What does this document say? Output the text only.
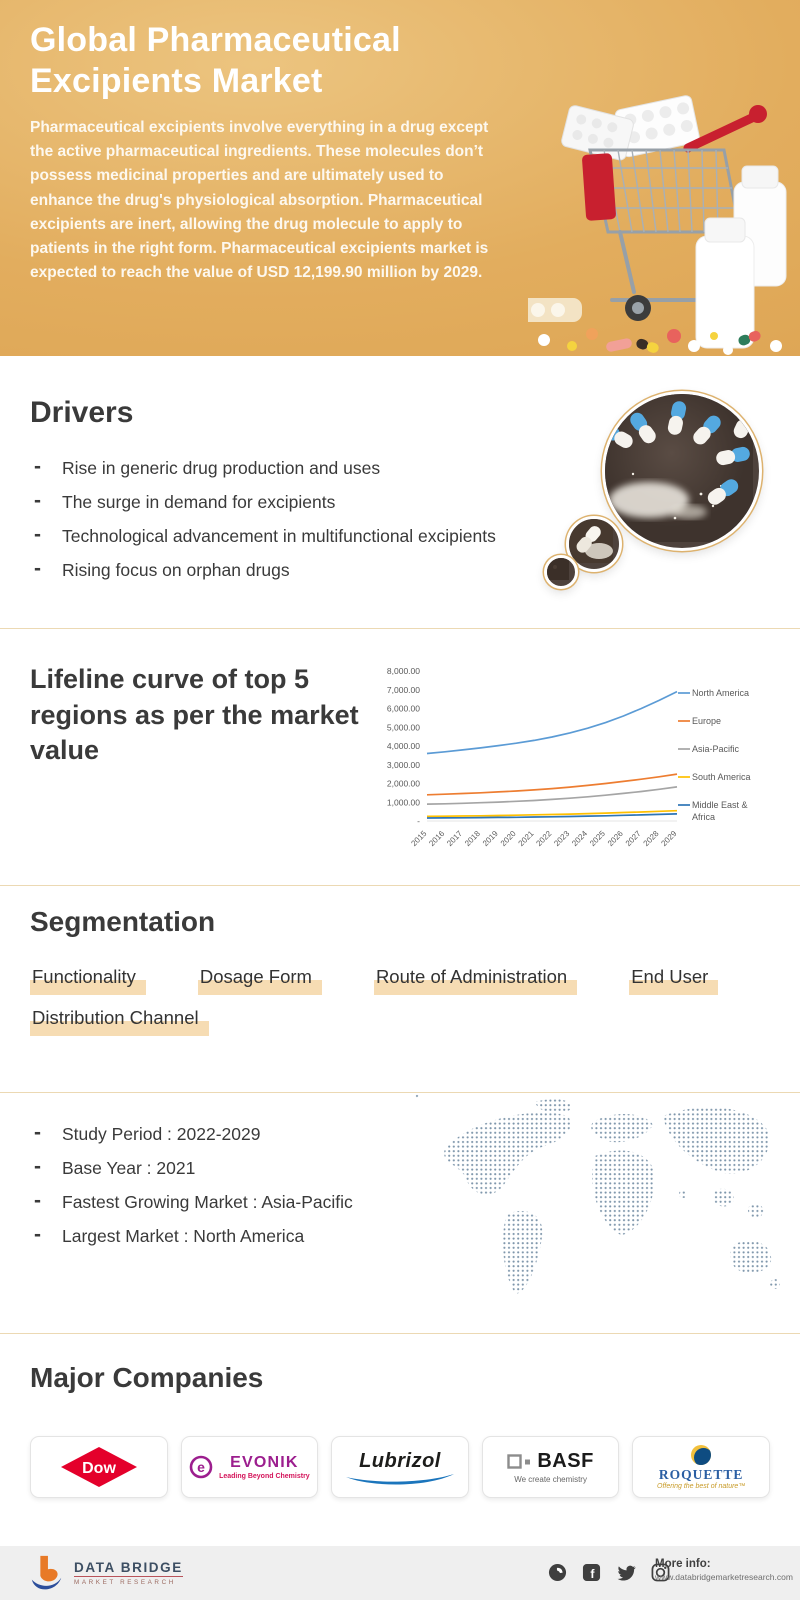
Global Pharmaceutical Excipients Market

Pharmaceutical excipients involve everything in a drug except the active pharmaceutical ingredients. These molecules don’t possess medicinal properties and are ultimately used to enhance the drug's physiological absorption. Pharmaceutical excipients are inert, allowing the drug molecule to apply to patients in the right form. Pharmaceutical excipients market is expected to reach the value of USD 12,199.90 million by 2029.

Drivers
- Rise in generic drug production and uses
- The surge in demand for excipients
- Technological advancement in multifunctional excipients
- Rising focus on orphan drugs
Lifeline curve of top 5 regions as per the market value
8,000.00
7,000.00
6,000.00
5,000.00
4,000.00
3,000.00
2,000.00
1,000.00
-
2015
2016
2017
2018
2019
2020
2021
2022
2023
2024
2025
2026
2027
2028
2029
North America
Europe
Asia-Pacific
South America
Middle East &
Africa
Segmentation
Functionality	Dosage Form	Route of Administration	End User
Distribution Channel
- Study Period : 2022-2029
- Base Year : 2021
- Fastest Growing Market : Asia-Pacific
- Largest Market : North America
Major Companies
Dow	e EVONIK
Leading Beyond Chemistry
Lubrizol	BASF
We create chemistry	ROQUETTE
Offering the best of nature™
DATA BRIDGE
MARKET RESEARCH
f
More info:
www.databridgemarketresearch.com
